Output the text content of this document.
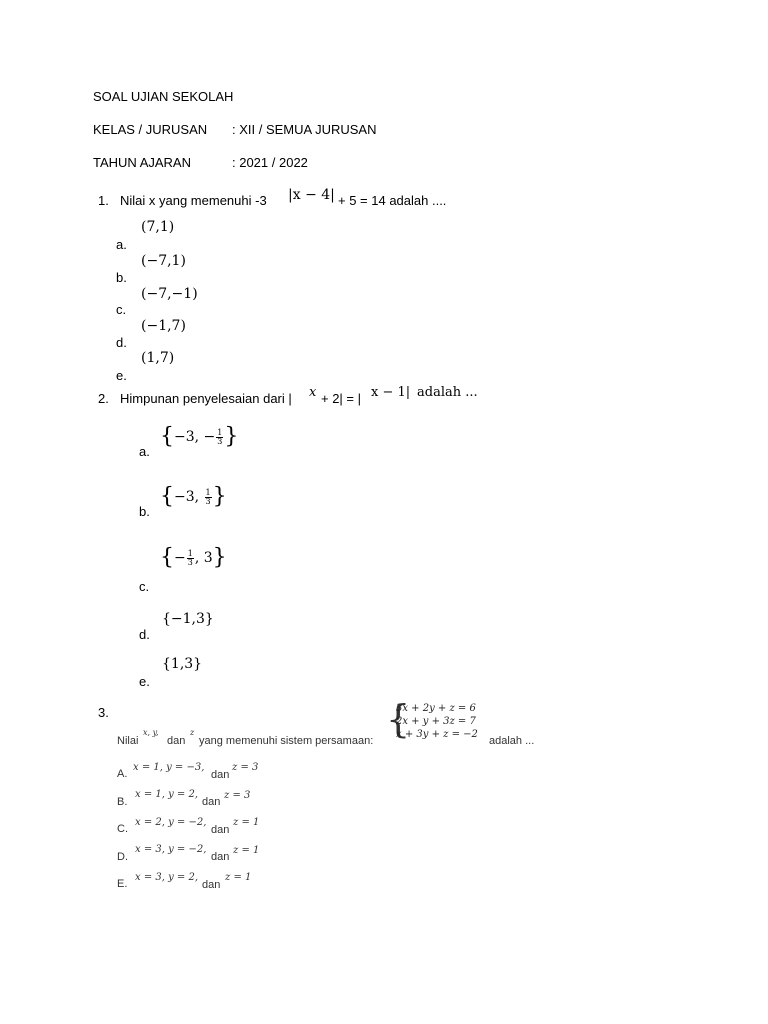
SOAL UJIAN SEKOLAH
KELAS / JURUSAN : XII / SEMUA JURUSAN
TAHUN AJARAN	: 2021 / 2022
1. Nilai x yang memenuhi -3 |x − 4| + 5 = 14 adalah ....
(7,1)
a.
(−7,1)
b.
(−7,−1)
c.
(−1,7)
d.
(1,7)
e.
2. Himpunan penyelesaian dari | x + 2| = | x − 1| adalah ...
{−3, − $\frac{1}{3}$ }
a.
{−3, $\frac{1}{3}$ }
b.
{− $\frac{1}{3}$ , 3}
c.
{−1,3}
d.
{1,3}
e.
3.
Nilai
x, y,
dan
z
yang memenuhi sistem persamaan: {
3x + 2y + z = 6
2x + y + 3z = 7
x + 3y + z = −2
adalah ...
A.
x = 1, y = −3,
dan
z = 3
B.
x = 1, y = 2,
dan
z = 3
C.
x = 2, y = −2,
dan
z = 1
D.
x = 3, y = −2,
dan
z = 1
E.
x = 3, y = 2,
dan
z = 1
